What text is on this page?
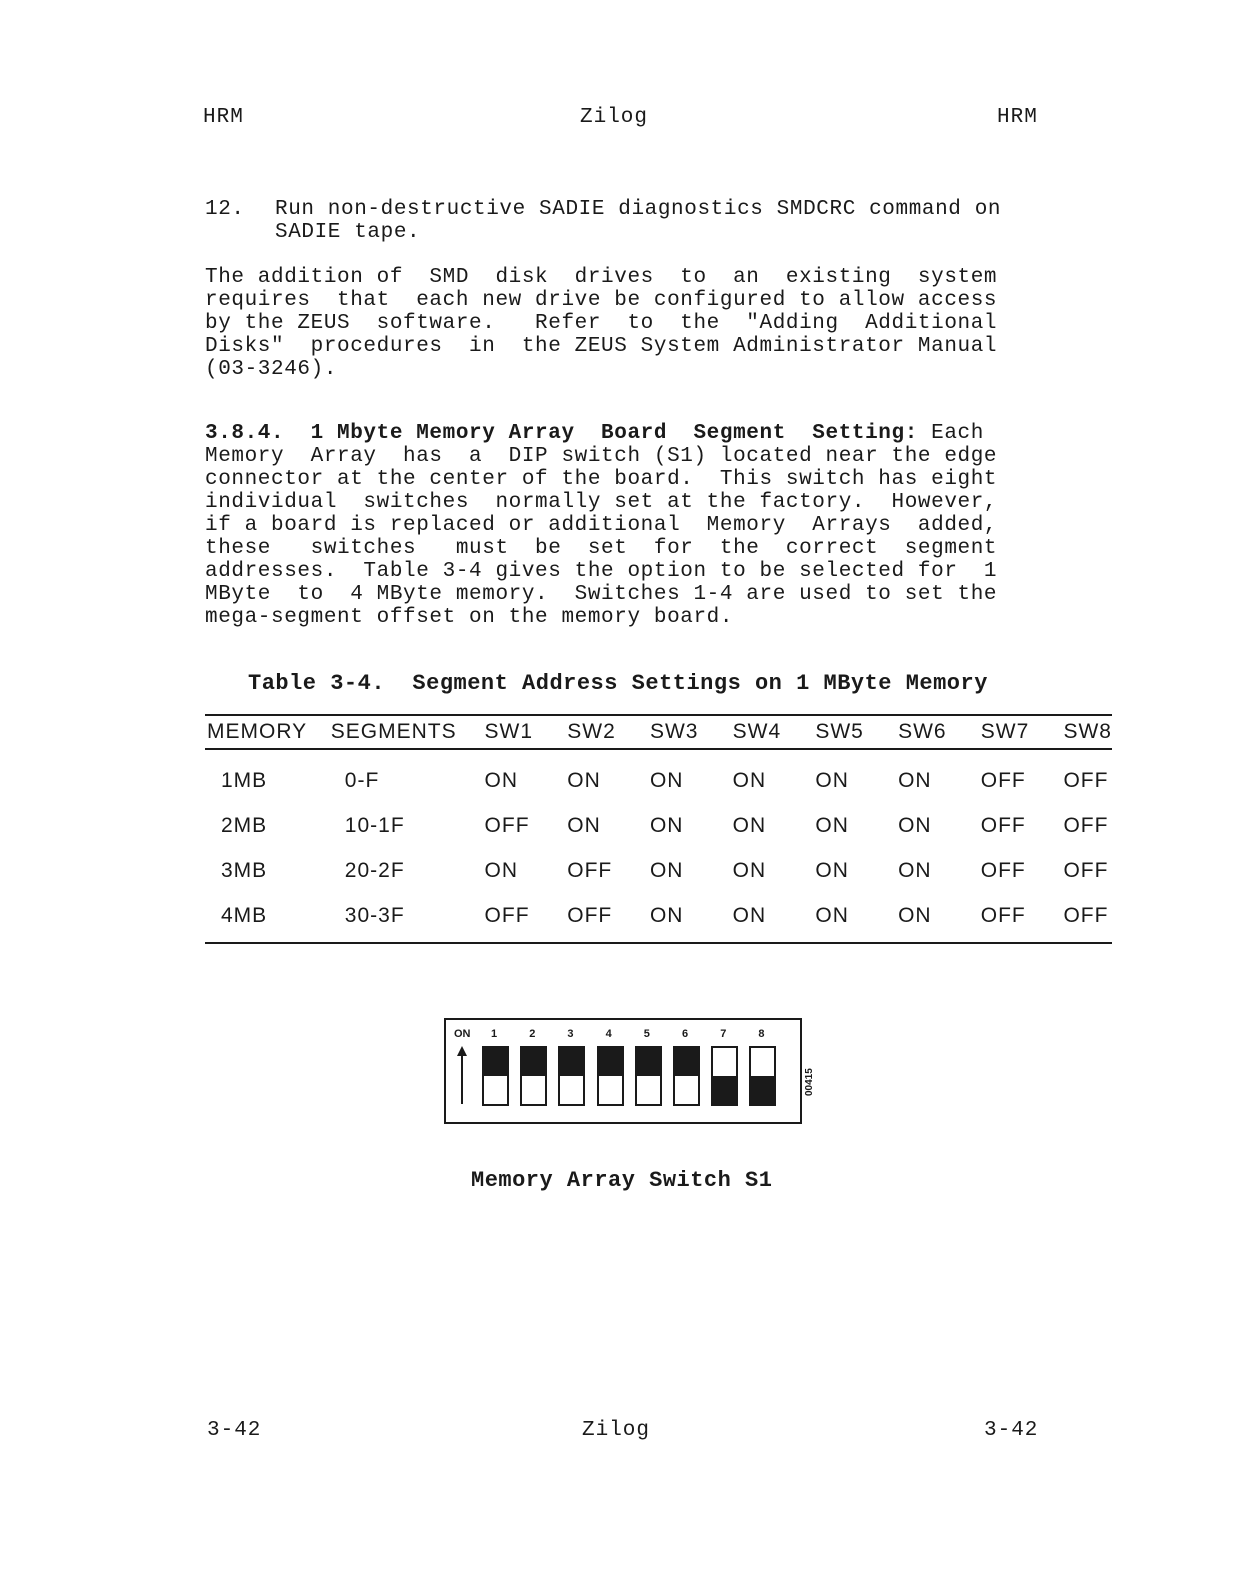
HRM	Zilog	HRM
12. Run non-destructive SADIE diagnostics SMDCRC command on
SADIE tape.
The addition of  SMD  disk  drives  to  an  existing  system
requires  that  each new drive be configured to allow access
by the ZEUS  software.   Refer  to  the  "Adding  Additional
Disks"  procedures  in  the ZEUS System Administrator Manual
(03-3246).
3.8.4.  1 Mbyte Memory Array  Board  Segment  Setting: Each
Memory  Array  has  a  DIP switch (S1) located near the edge
connector at the center of the board.  This switch has eight
individual  switches  normally set at the factory.  However,
if a board is replaced or additional  Memory  Arrays  added,
these   switches   must  be  set  for  the  correct  segment
addresses.  Table 3-4 gives the option to be selected for  1
MByte  to  4 MByte memory.  Switches 1-4 are used to set the
mega-segment offset on the memory board.
Table 3-4.  Segment Address Settings on 1 MByte Memory
MEMORY	SEGMENTS	SW1	SW2	SW3	SW4	SW5	SW6	SW7	SW8
1MB	0-F	ON	ON	ON	ON	ON	ON	OFF	OFF
2MB	10-1F	OFF	ON	ON	ON	ON	ON	OFF	OFF
3MB	20-2F	ON	OFF	ON	ON	ON	ON	OFF	OFF
4MB	30-3F	OFF	OFF	ON	ON	ON	ON	OFF	OFF
ON 1	2	3	4	5	6	7	8
00415
Memory Array Switch S1
3-42	Zilog	3-42
